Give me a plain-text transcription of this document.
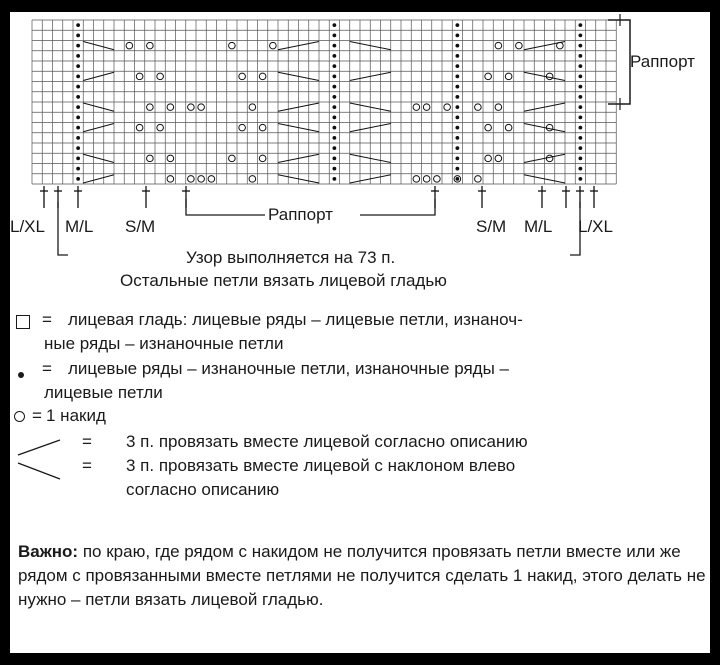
Раппорт
Раппорт
L/XL M/L S/M	S/M M/L L/XL
Узор выполняется на 73 п.
Остальные петли вязать лицевой гладью
= лицевая гладь: лицевые ряды – лицевые петли, изнаноч-
ные ряды – изнаночные петли
= лицевые ряды – изнаночные петли, изнаночные ряды –
лицевые петли
= 1 накид
= 3 п. провязать вместе лицевой согласно описанию
= 3 п. провязать вместе лицевой с наклоном влево
согласно описанию
Важно: по краю, где рядом с накидом не получится провязать петли вместе или же рядом с провязанными вместе петлями не получится сделать 1 накид, этого делать не нужно – петли вязать лицевой гладью.
